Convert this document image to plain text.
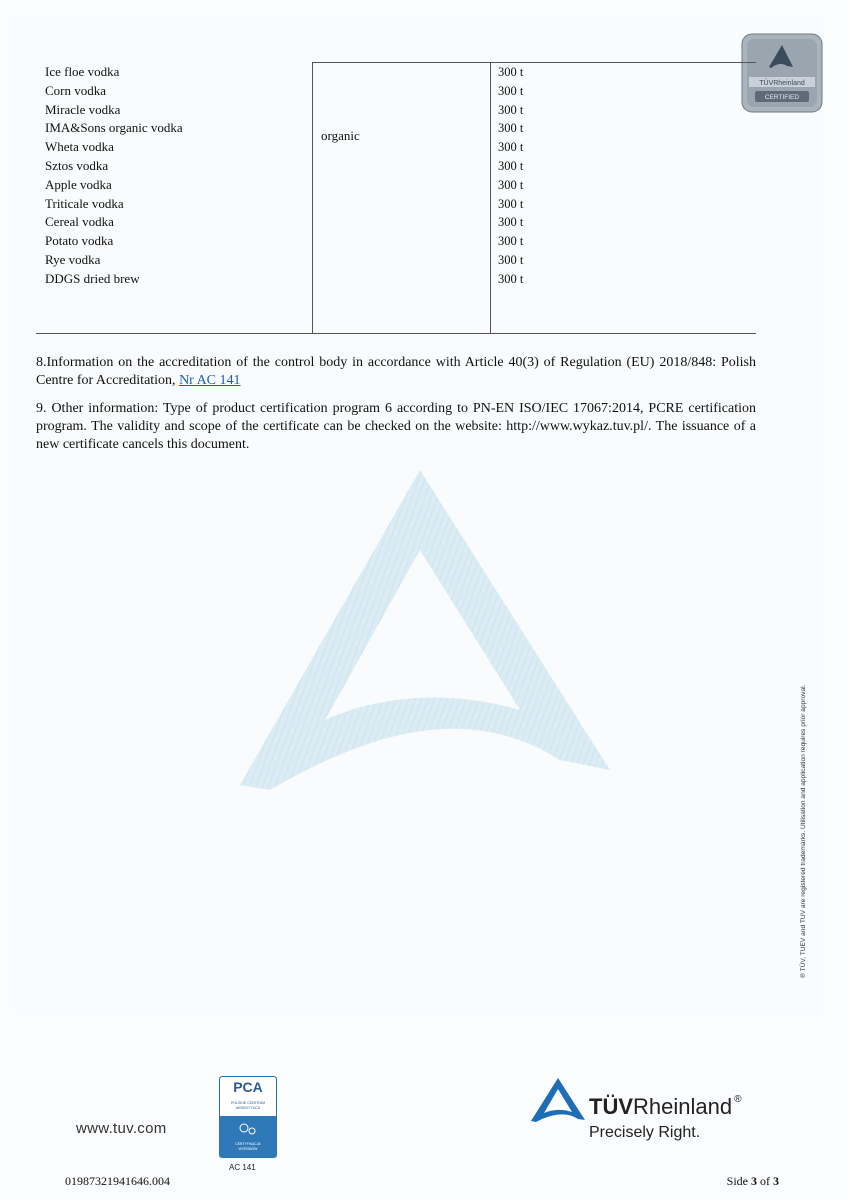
TÜVRheinland
CERTIFIED
Ice floe vodka
Corn vodka
Miracle vodka
IMA&Sons organic vodka
Wheta vodka
Sztos vodka
Apple vodka
Triticale vodka
Cereal vodka
Potato vodka
Rye vodka
DDGS dried brew
organic
300 t
300 t
300 t
300 t
300 t
300 t
300 t
300 t
300 t
300 t
300 t
300 t
8.Information on the accreditation of the control body in accordance with Article 40(3) of Regulation (EU) 2018/848: Polish Centre for Accreditation, Nr AC 141
9. Other information: Type of product certification program 6 according to PN-EN ISO/IEC 17067:2014, PCRE certification program. The validity and scope of the certificate can be checked on the website: http://www.wykaz.tuv.pl/. The issuance of a new certificate cancels this document.
® TÜV, TUEV and TUV are registered trademarks. Utilisation and application requires prior approval.
www.tuv.com
PCA
POLSKIE CENTRUM
AKREDYTACJI
CERTYFIKACJA
WYROBÓW
AC 141
TÜVRheinland ®
Precisely Right.
01987321941646.004	Side 3 of 3
